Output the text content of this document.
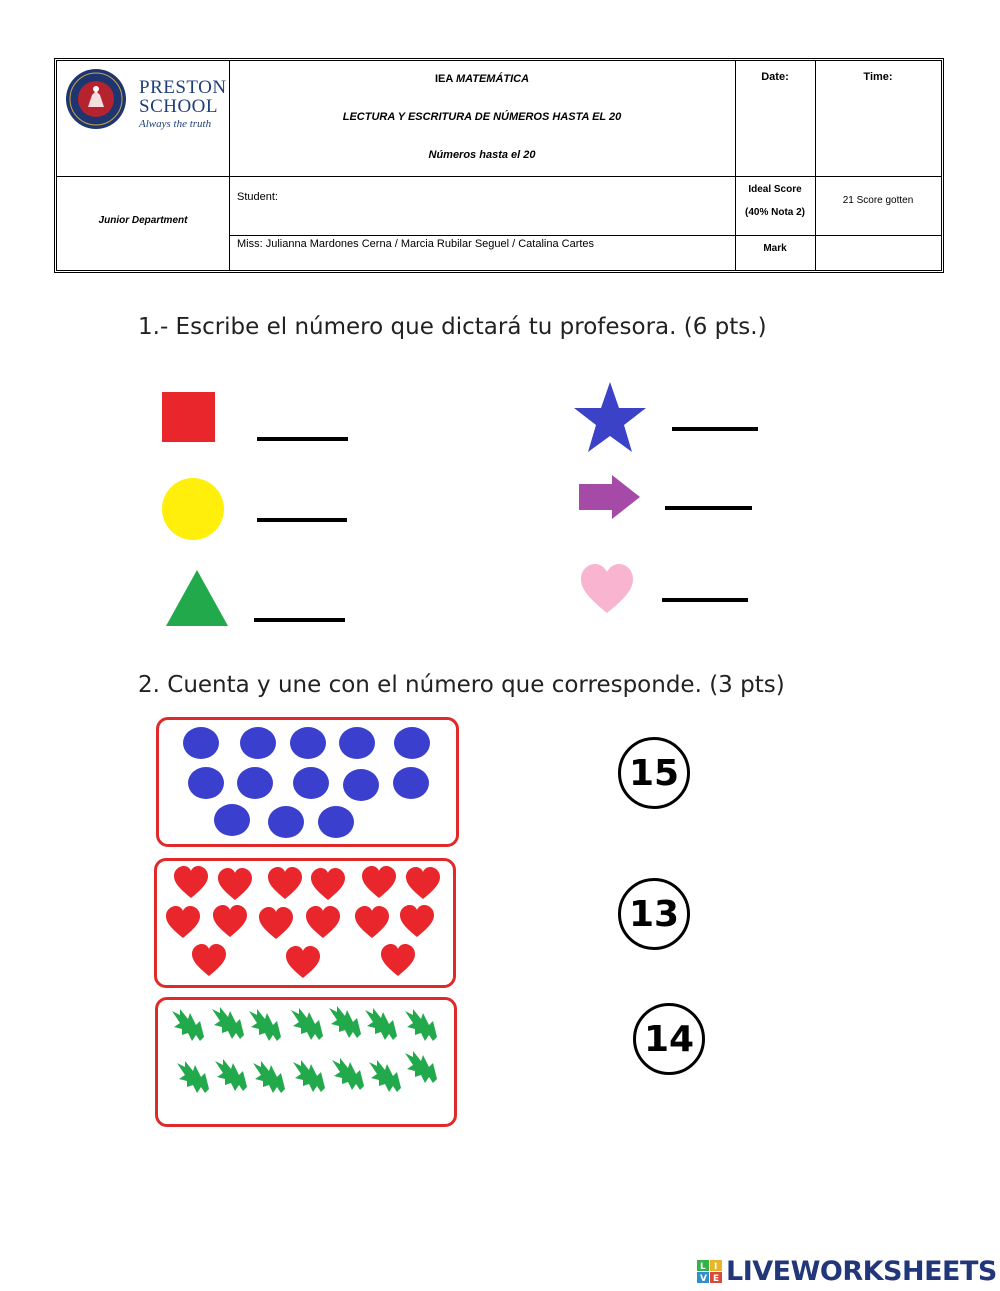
PRESTON
SCHOOL
Always the truth
IEA MATEMÁTICA
LECTURA Y ESCRITURA DE NÚMEROS HASTA EL 20
Números hasta el 20
Date:	Time:
Junior Department
Student:
Ideal Score
(40% Nota 2)
21 Score gotten
Miss: Julianna Mardones Cerna / Marcia Rubilar Seguel / Catalina Cartes	Mark
1.- Escribe el número que dictará tu profesora. (6 pts.)
2. Cuenta y une con el número que corresponde. (3 pts)
15
13
14
L I
V E LIVEWORKSHEETS
